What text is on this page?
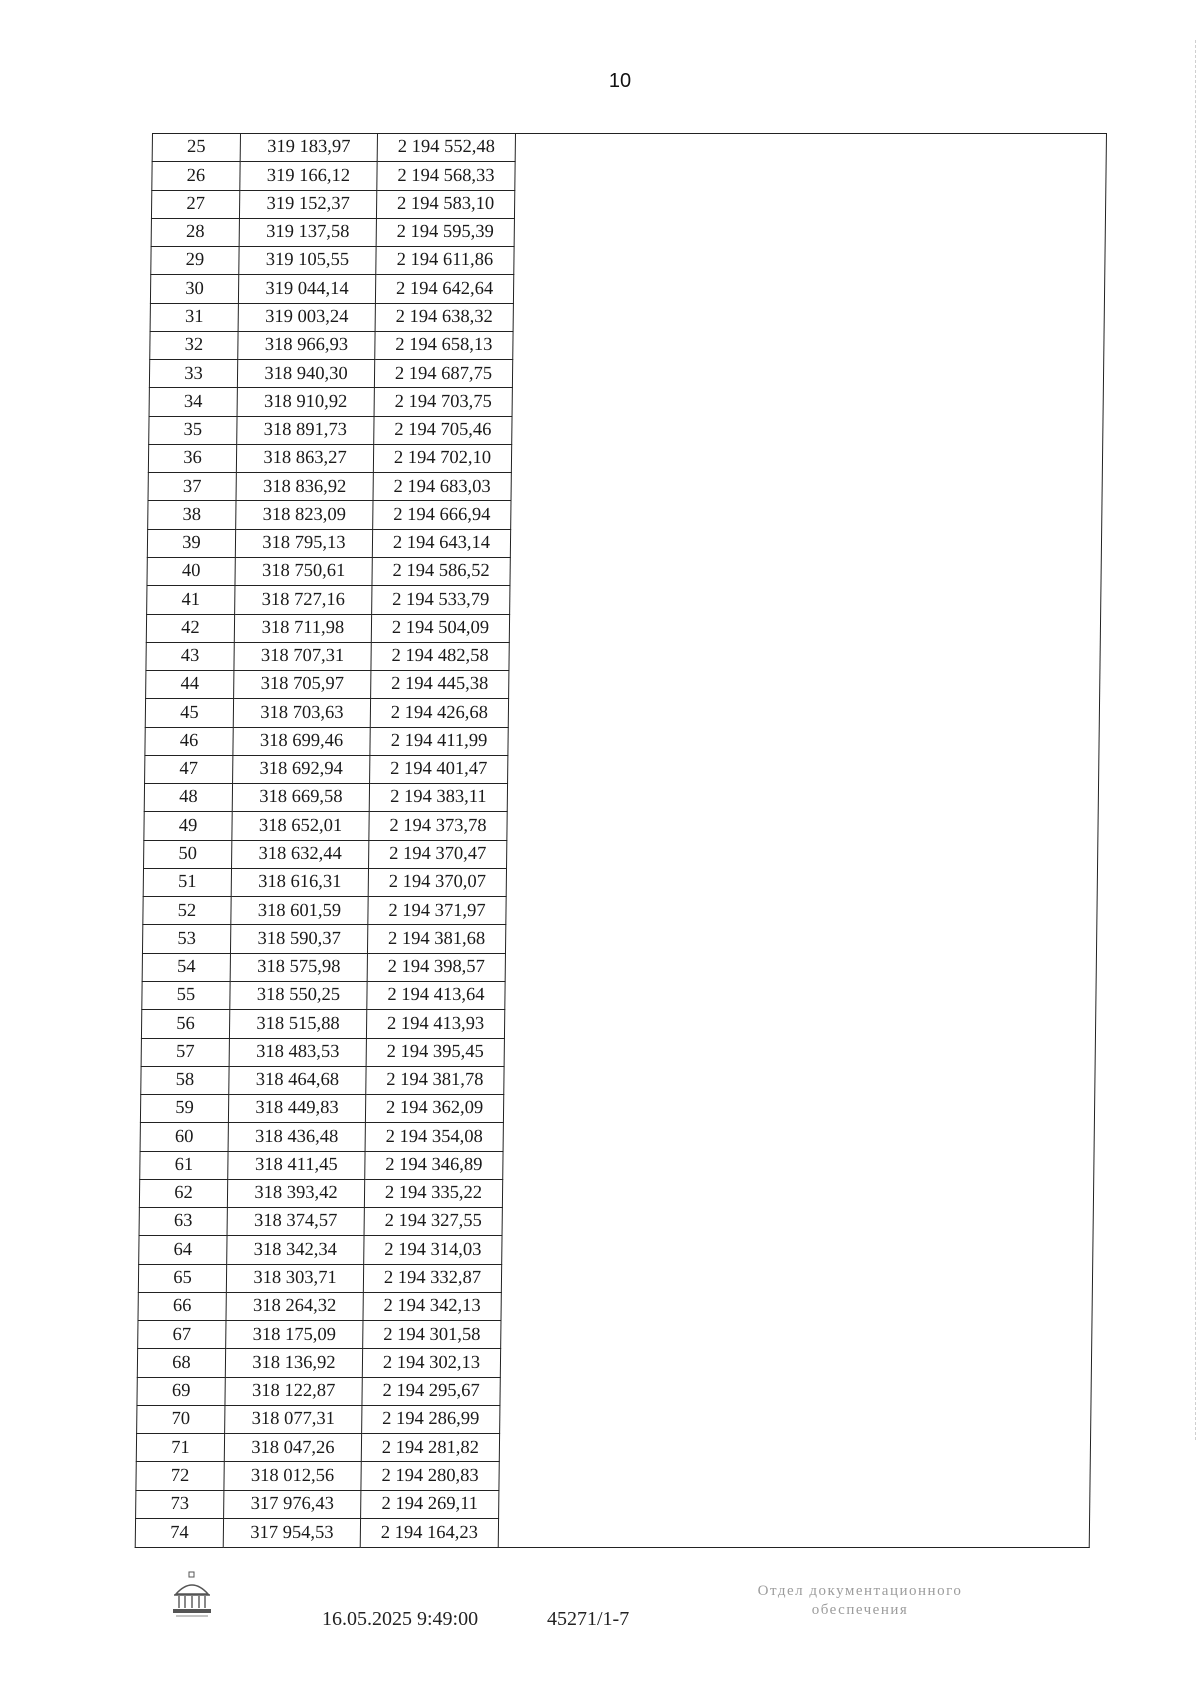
10
25	319 183,97	2 194 552,48
26	319 166,12	2 194 568,33
27	319 152,37	2 194 583,10
28	319 137,58	2 194 595,39
29	319 105,55	2 194 611,86
30	319 044,14	2 194 642,64
31	319 003,24	2 194 638,32
32	318 966,93	2 194 658,13
33	318 940,30	2 194 687,75
34	318 910,92	2 194 703,75
35	318 891,73	2 194 705,46
36	318 863,27	2 194 702,10
37	318 836,92	2 194 683,03
38	318 823,09	2 194 666,94
39	318 795,13	2 194 643,14
40	318 750,61	2 194 586,52
41	318 727,16	2 194 533,79
42	318 711,98	2 194 504,09
43	318 707,31	2 194 482,58
44	318 705,97	2 194 445,38
45	318 703,63	2 194 426,68
46	318 699,46	2 194 411,99
47	318 692,94	2 194 401,47
48	318 669,58	2 194 383,11
49	318 652,01	2 194 373,78
50	318 632,44	2 194 370,47
51	318 616,31	2 194 370,07
52	318 601,59	2 194 371,97
53	318 590,37	2 194 381,68
54	318 575,98	2 194 398,57
55	318 550,25	2 194 413,64
56	318 515,88	2 194 413,93
57	318 483,53	2 194 395,45
58	318 464,68	2 194 381,78
59	318 449,83	2 194 362,09
60	318 436,48	2 194 354,08
61	318 411,45	2 194 346,89
62	318 393,42	2 194 335,22
63	318 374,57	2 194 327,55
64	318 342,34	2 194 314,03
65	318 303,71	2 194 332,87
66	318 264,32	2 194 342,13
67	318 175,09	2 194 301,58
68	318 136,92	2 194 302,13
69	318 122,87	2 194 295,67
70	318 077,31	2 194 286,99
71	318 047,26	2 194 281,82
72	318 012,56	2 194 280,83
73	317 976,43	2 194 269,11
74	317 954,53	2 194 164,23
16.05.2025 9:49:00	45271/1-7
Отдел документационного
обеспечения
